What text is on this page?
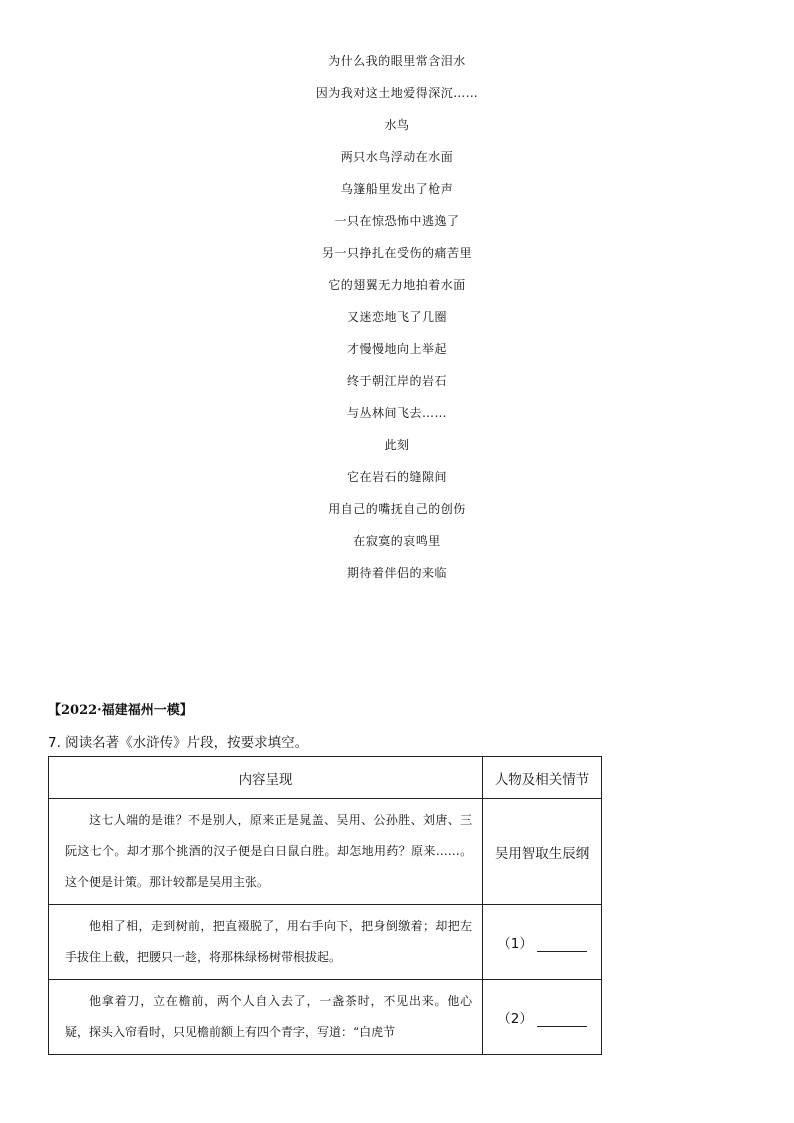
为什么我的眼里常含泪水
因为我对这土地爱得深沉……
水鸟
两只水鸟浮动在水面
乌篷船里发出了枪声
一只在惊恐怖中逃逸了
另一只挣扎在受伤的痛苦里
它的翅翼无力地拍着水面
又迷恋地飞了几圈
才慢慢地向上举起
终于朝江岸的岩石
与丛林间飞去……
此刻
它在岩石的缝隙间
用自己的嘴抚自己的创伤
在寂寞的哀鸣里
期待着伴侣的来临
【2022·福建福州一模】
7. 阅读名著《水浒传》片段，按要求填空。
内容呈现	人物及相关情节

这七人端的是谁？不是别人，原来正是晁盖、吴用、公孙胜、刘唐、三阮这七个。却才那个挑酒的汉子便是白日鼠白胜。却怎地用药？原来……。 这个便是计策。那计较都是吴用主张。	吴用智取生辰纲

他相了相，走到树前，把直裰脱了，用右手向下，把身倒缴着；却把左手拔住上截，把腰只一趁，将那株绿杨树带根拔起。	（1）

他拿着刀，立在檐前，两个人自入去了，一盏茶时，不见出来。他心疑，探头入帘看时，只见檐前额上有四个青字，写道：“白虎节	（2）
